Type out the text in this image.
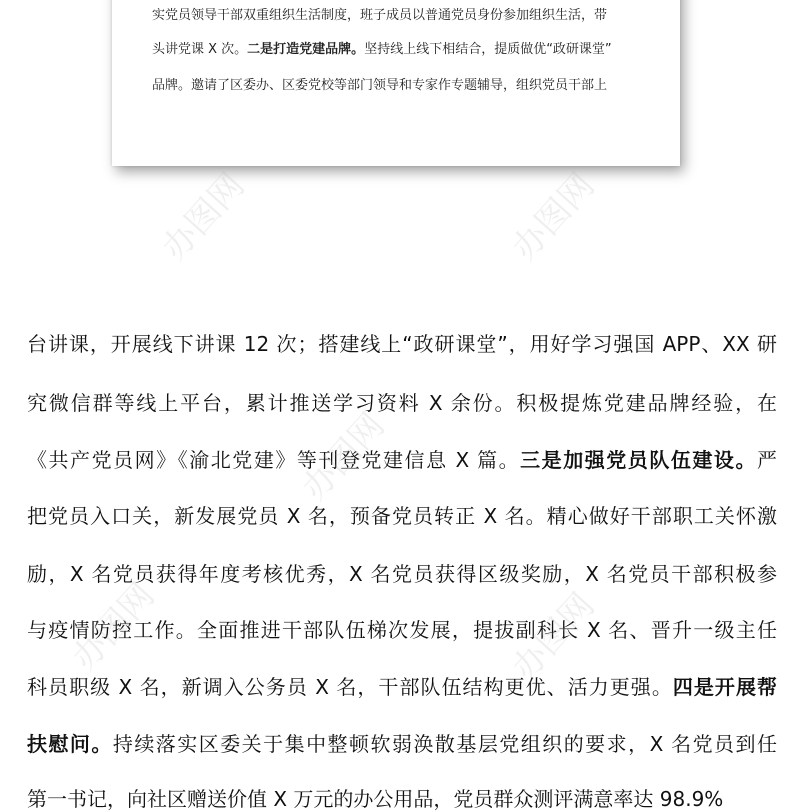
实党员领导干部双重组织生活制度，班子成员以普通党员身份参加组织生活，带
头讲党课 X 次。二是打造党建品牌。坚持线上线下相结合，提质做优“政研课堂”
品牌。邀请了区委办、区委党校等部门领导和专家作专题辅导，组织党员干部上
台讲课，开展线下讲课 12 次；搭建线上“政研课堂”，用好学习强国 APP、XX 研
究微信群等线上平台，累计推送学习资料 X 余份。积极提炼党建品牌经验，在
《共产党员网》《渝北党建》等刊登党建信息 X 篇。三是加强党员队伍建设。严
把党员入口关，新发展党员 X 名，预备党员转正 X 名。精心做好干部职工关怀激
励，X 名党员获得年度考核优秀，X 名党员获得区级奖励，X 名党员干部积极参
与疫情防控工作。全面推进干部队伍梯次发展，提拔副科长 X 名、晋升一级主任
科员职级 X 名，新调入公务员 X 名，干部队伍结构更优、活力更强。四是开展帮
扶慰问。持续落实区委关于集中整顿软弱涣散基层党组织的要求，X 名党员到任
第一书记，向社区赠送价值 X 万元的办公用品，党员群众测评满意率达 98.9%
办图网	办图网
办图网
办图网	办图网
